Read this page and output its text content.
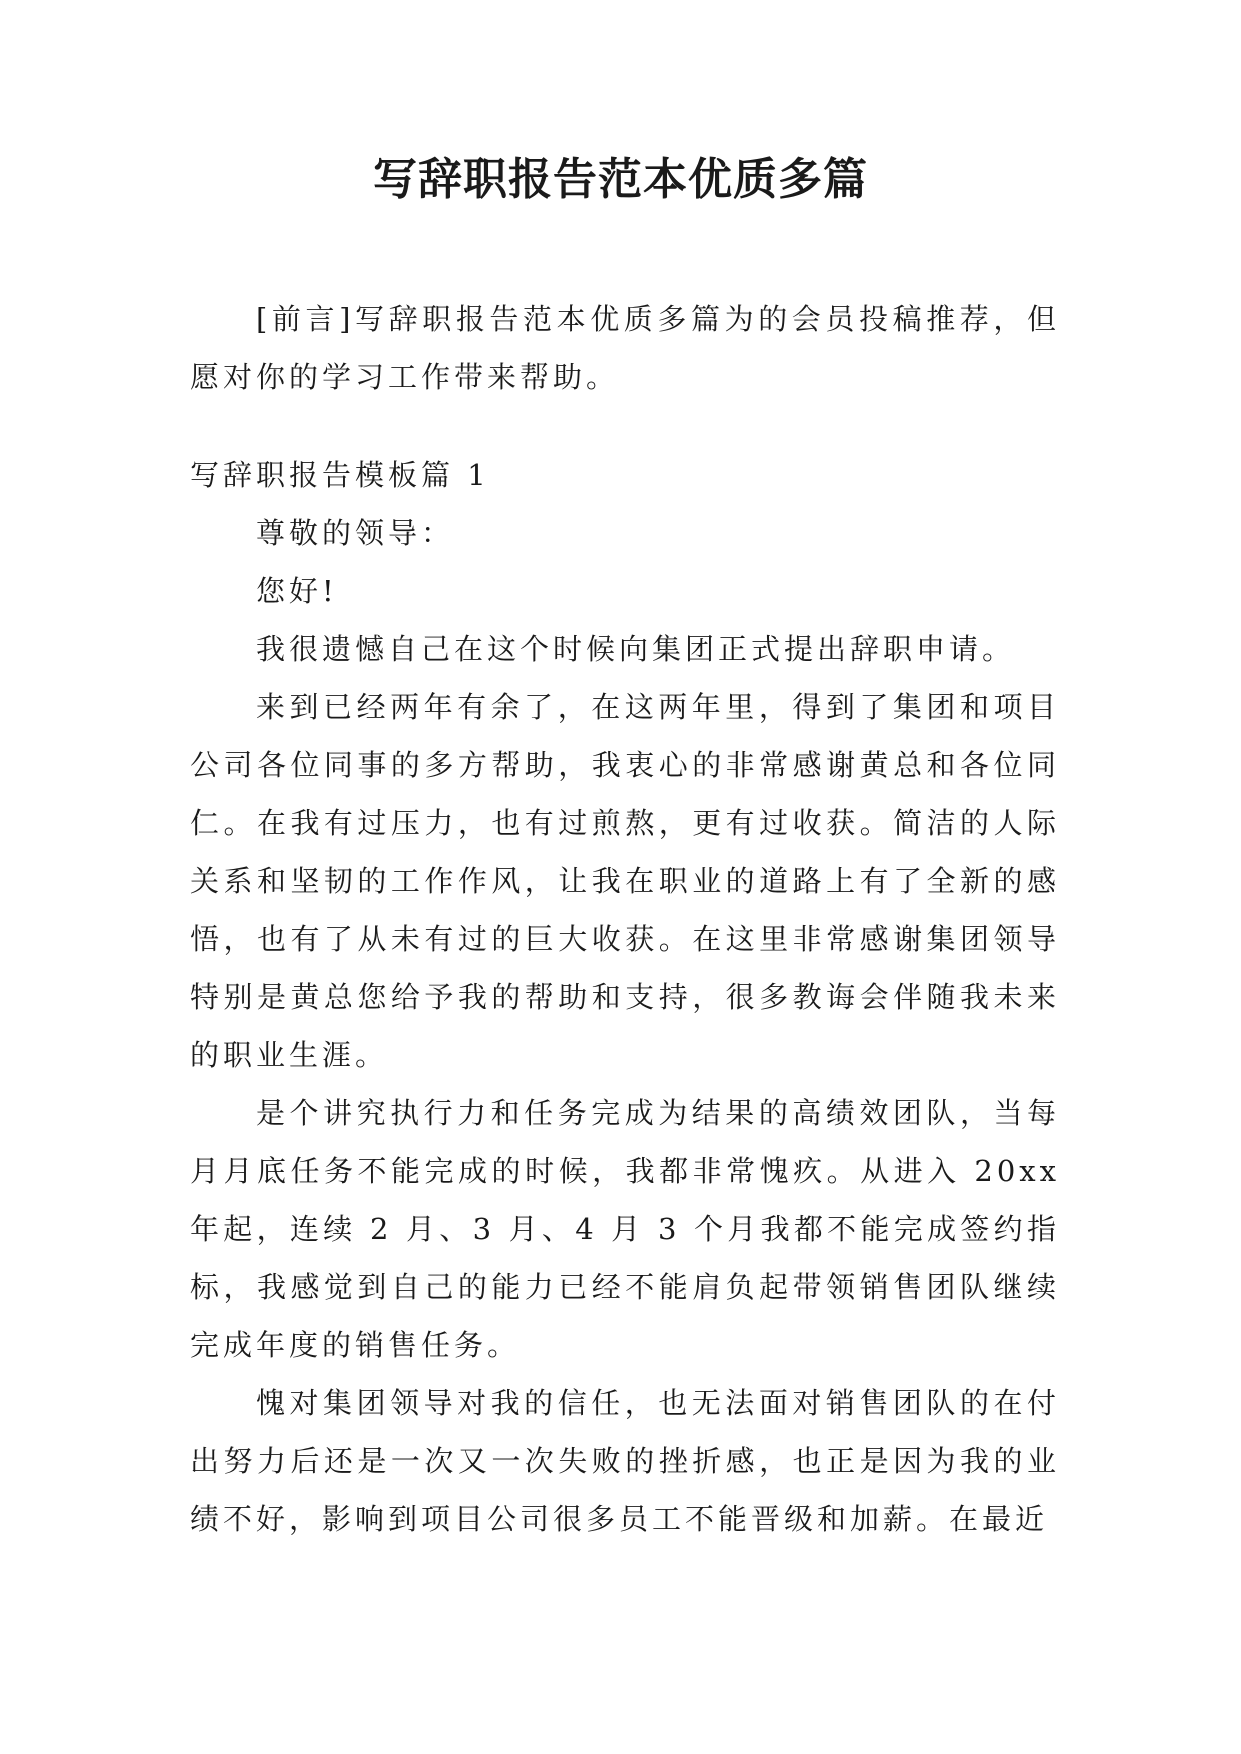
写辞职报告范本优质多篇

[前言]写辞职报告范本优质多篇为的会员投稿推荐，但愿对你的学习工作带来帮助。

写辞职报告模板篇 1

尊敬的领导：

您好!

我很遗憾自己在这个时候向集团正式提出辞职申请。

来到已经两年有余了，在这两年里，得到了集团和项目公司各位同事的多方帮助，我衷心的非常感谢黄总和各位同仁。在我有过压力，也有过煎熬，更有过收获。简洁的人际关系和坚韧的工作作风，让我在职业的道路上有了全新的感悟，也有了从未有过的巨大收获。在这里非常感谢集团领导特别是黄总您给予我的帮助和支持，很多教诲会伴随我未来的职业生涯。

是个讲究执行力和任务完成为结果的高绩效团队，当每月月底任务不能完成的时候，我都非常愧疚。从进入 20xx 年起，连续 2 月、3 月、4 月 3 个月我都不能完成签约指标，我感觉到自己的能力已经不能肩负起带领销售团队继续完成年度的销售任务。

愧对集团领导对我的信任，也无法面对销售团队的在付出努力后还是一次又一次失败的挫折感，也正是因为我的业绩不好，影响到项目公司很多员工不能晋级和加薪。在最近
